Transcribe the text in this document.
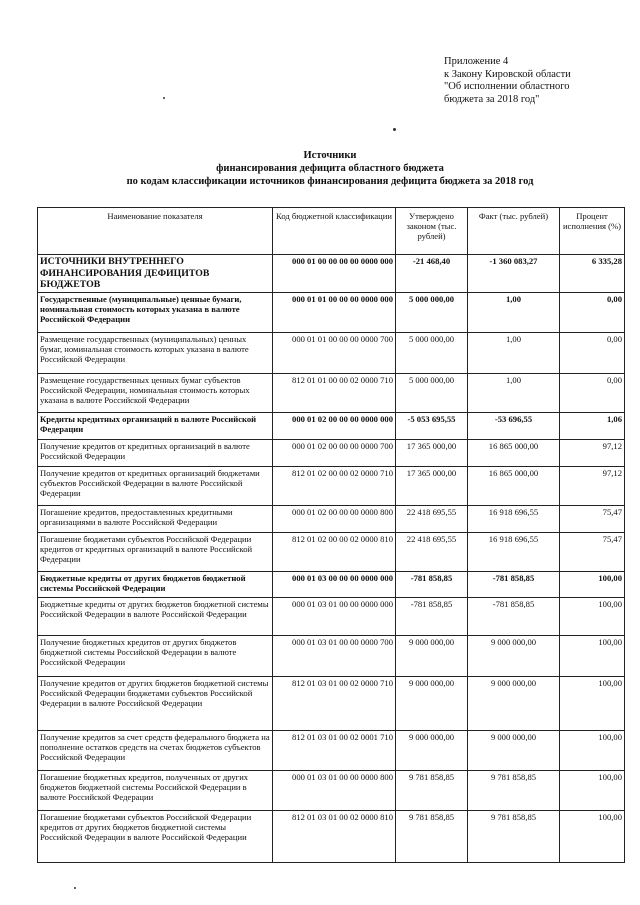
Приложение 4
к Закону Кировской области
"Об исполнении областного
бюджета за 2018 год"
Источники
финансирования дефицита областного бюджета
по кодам классификации источников финансирования дефицита бюджета за 2018 год
Наименование показателя	Код бюджетной классификации	Утверждено законом (тыс. рублей)	Факт (тыс. рублей)	Процент исполнения (%)
ИСТОЧНИКИ ВНУТРЕННЕГО ФИНАНСИРОВАНИЯ ДЕФИЦИТОВ БЮДЖЕТОВ	000 01 00 00 00 00 0000 000	-21 468,40	-1 360 083,27	6 335,28
Государственные (муниципальные) ценные бумаги, номинальная стоимость которых указана в валюте Российской Федерации	000 01 01 00 00 00 0000 000	5 000 000,00	1,00	0,00
Размещение государственных (муниципальных) ценных бумаг, номинальная стоимость которых указана в валюте Российской Федерации	000 01 01 00 00 00 0000 700	5 000 000,00	1,00	0,00
Размещение государственных ценных бумаг субъектов Российской Федерации, номинальная стоимость которых указана в валюте Российской Федерации	812 01 01 00 00 02 0000 710	5 000 000,00	1,00	0,00
Кредиты кредитных организаций в валюте Российской Федерации	000 01 02 00 00 00 0000 000	-5 053 695,55	-53 696,55	1,06
Получение кредитов от кредитных организаций в валюте Российской Федерации	000 01 02 00 00 00 0000 700	17 365 000,00	16 865 000,00	97,12
Получение кредитов от кредитных организаций бюджетами субъектов Российской Федерации в валюте Российской Федерации	812 01 02 00 00 02 0000 710	17 365 000,00	16 865 000,00	97,12
Погашение кредитов, предоставленных кредитными организациями в валюте Российской Федерации	000 01 02 00 00 00 0000 800	22 418 695,55	16 918 696,55	75,47
Погашение бюджетами субъектов Российской Федерации кредитов от кредитных организаций в валюте Российской Федерации	812 01 02 00 00 02 0000 810	22 418 695,55	16 918 696,55	75,47
Бюджетные кредиты от других бюджетов бюджетной системы Российской Федерации	000 01 03 00 00 00 0000 000	-781 858,85	-781 858,85	100,00
Бюджетные кредиты от других бюджетов бюджетной системы Российской Федерации в валюте Российской Федерации	000 01 03 01 00 00 0000 000	-781 858,85	-781 858,85	100,00
Получение бюджетных кредитов от других бюджетов бюджетной системы Российской Федерации в валюте Российской Федерации	000 01 03 01 00 00 0000 700	9 000 000,00	9 000 000,00	100,00
Получение кредитов от других бюджетов бюджетной системы Российской Федерации бюджетами субъектов Российской Федерации в валюте Российской Федерации	812 01 03 01 00 02 0000 710	9 000 000,00	9 000 000,00	100,00
Получение кредитов за счет средств федерального бюджета на пополнение остатков средств на счетах бюджетов субъектов Российской Федерации	812 01 03 01 00 02 0001 710	9 000 000,00	9 000 000,00	100,00
Погашение бюджетных кредитов, полученных от других бюджетов бюджетной системы Российской Федерации в валюте Российской Федерации	000 01 03 01 00 00 0000 800	9 781 858,85	9 781 858,85	100,00
Погашение бюджетами субъектов Российской Федерации кредитов от других бюджетов бюджетной системы Российской Федерации в валюте Российской Федерации	812 01 03 01 00 02 0000 810	9 781 858,85	9 781 858,85	100,00
